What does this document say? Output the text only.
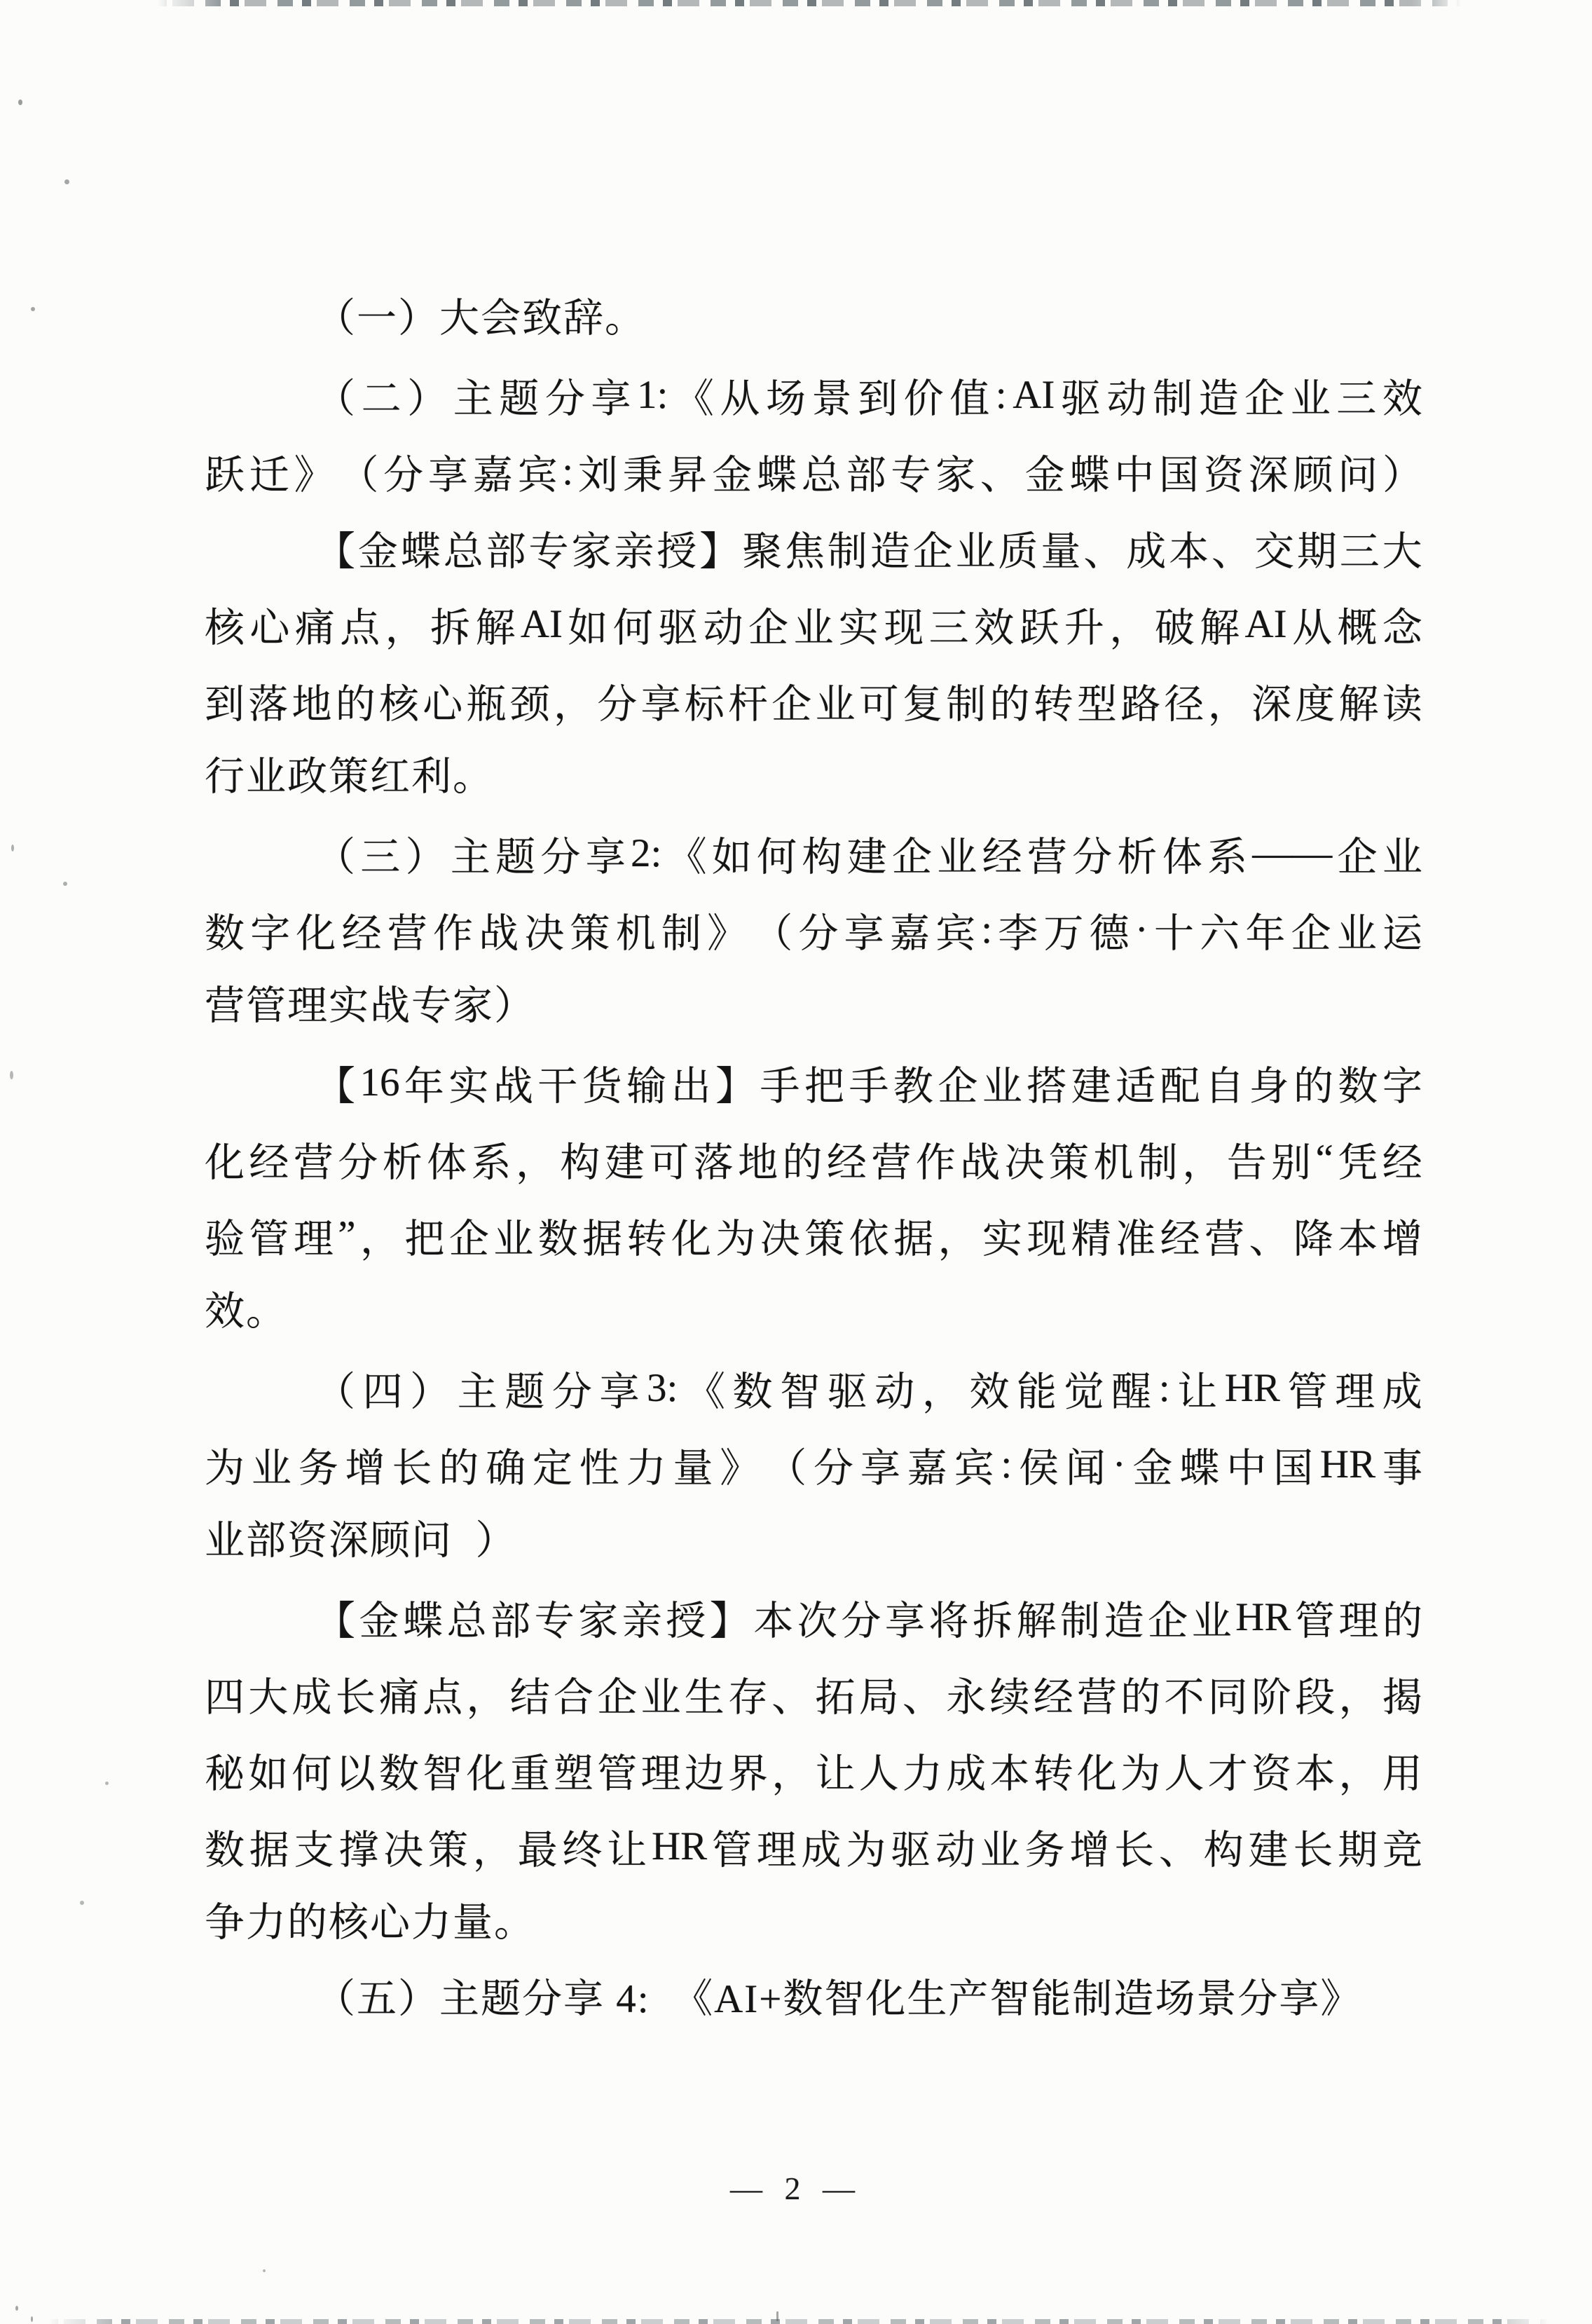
（一）大会致辞。
（ 二 ） 主 题 分 享 1: 《 从 场 景 到 价 值 : AI 驱 动 制 造 企 业 三 效
跃 迁 》 （ 分 享 嘉 宾 : 刘 秉 昇 金 蝶 总 部 专 家 、 金 蝶 中 国 资 深 顾 问 ）
【 金 蝶 总 部 专 家 亲 授 】 聚 焦 制 造 企 业 质 量 、 成 本 、 交 期 三 大
核 心 痛 点 ， 拆 解 AI 如 何 驱 动 企 业 实 现 三 效 跃 升 ， 破 解 AI 从 概 念
到 落 地 的 核 心 瓶 颈 ， 分 享 标 杆 企 业 可 复 制 的 转 型 路 径 ， 深 度 解 读
行业政策红利。
（ 三 ） 主 题 分 享 2: 《 如 何 构 建 企 业 经 营 分 析 体 系 —— 企 业
数 字 化 经 营 作 战 决 策 机 制 》 （ 分 享 嘉 宾 : 李 万 德 · 十 六 年 企 业 运
营管理实战专家）
【 16 年 实 战 干 货 输 出 】 手 把 手 教 企 业 搭 建 适 配 自 身 的 数 字
化 经 营 分 析 体 系 ， 构 建 可 落 地 的 经 营 作 战 决 策 机 制 ， 告 别 “ 凭 经
验 管 理 ” ， 把 企 业 数 据 转 化 为 决 策 依 据 ， 实 现 精 准 经 营 、 降 本 增
效。
（ 四 ） 主 题 分 享 3: 《 数 智 驱 动 ， 效 能 觉 醒 : 让 HR 管 理 成
为 业 务 增 长 的 确 定 性 力 量 》 （ 分 享 嘉 宾 : 侯 闻 · 金 蝶 中 国 HR 事
业部资深顾问  ）
【 金 蝶 总 部 专 家 亲 授 】 本 次 分 享 将 拆 解 制 造 企 业 HR 管 理 的
四 大 成 长 痛 点 ， 结 合 企 业 生 存 、 拓 局 、 永 续 经 营 的 不 同 阶 段 ， 揭
秘 如 何 以 数 智 化 重 塑 管 理 边 界 ， 让 人 力 成 本 转 化 为 人 才 资 本 ， 用
数 据 支 撑 决 策 ， 最 终 让 HR 管 理 成 为 驱 动 业 务 增 长 、 构 建 长 期 竞
争力的核心力量。
（五）主题分享 4:  《AI+数智化生产智能制造场景分享》
— 2 —
